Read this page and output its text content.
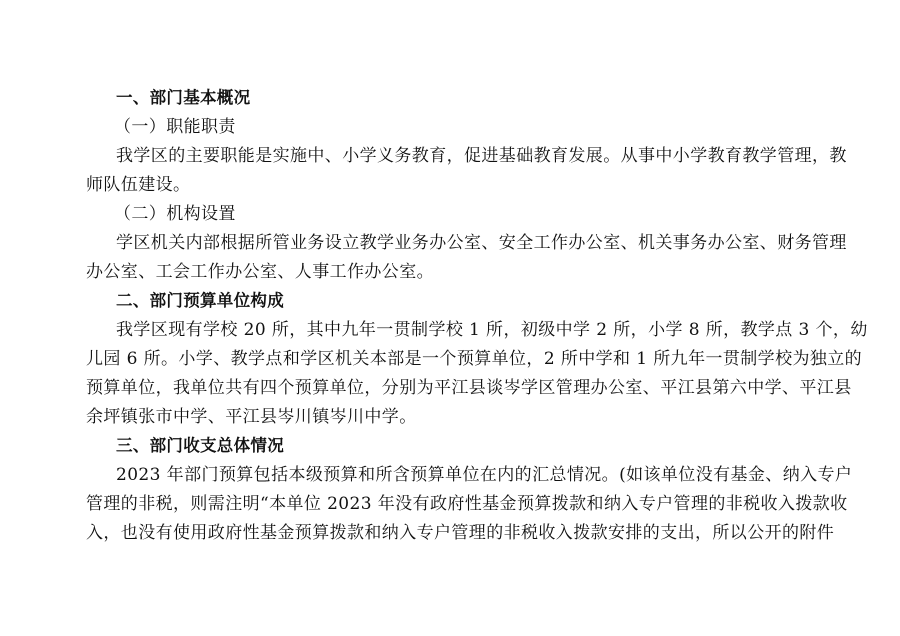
一、部门基本概况
（一）职能职责
我学区的主要职能是实施中、小学义务教育，促进基础教育发展。从事中小学教育教学管理，教
师队伍建设。
（二）机构设置
学区机关内部根据所管业务设立教学业务办公室、安全工作办公室、机关事务办公室、财务管理
办公室、工会工作办公室、人事工作办公室。
二、部门预算单位构成
我学区现有学校 20 所，其中九年一贯制学校 1 所，初级中学 2 所，小学 8 所，教学点 3 个，幼
儿园 6 所。小学、教学点和学区机关本部是一个预算单位，2 所中学和 1 所九年一贯制学校为独立的
预算单位，我单位共有四个预算单位，分别为平江县谈岑学区管理办公室、平江县第六中学、平江县
余坪镇张市中学、平江县岑川镇岑川中学。
三、部门收支总体情况
2023 年部门预算包括本级预算和所含预算单位在内的汇总情况。(如该单位没有基金、纳入专户
管理的非税，则需注明“本单位 2023 年没有政府性基金预算拨款和纳入专户管理的非税收入拨款收
入，也没有使用政府性基金预算拨款和纳入专户管理的非税收入拨款安排的支出，所以公开的附件
